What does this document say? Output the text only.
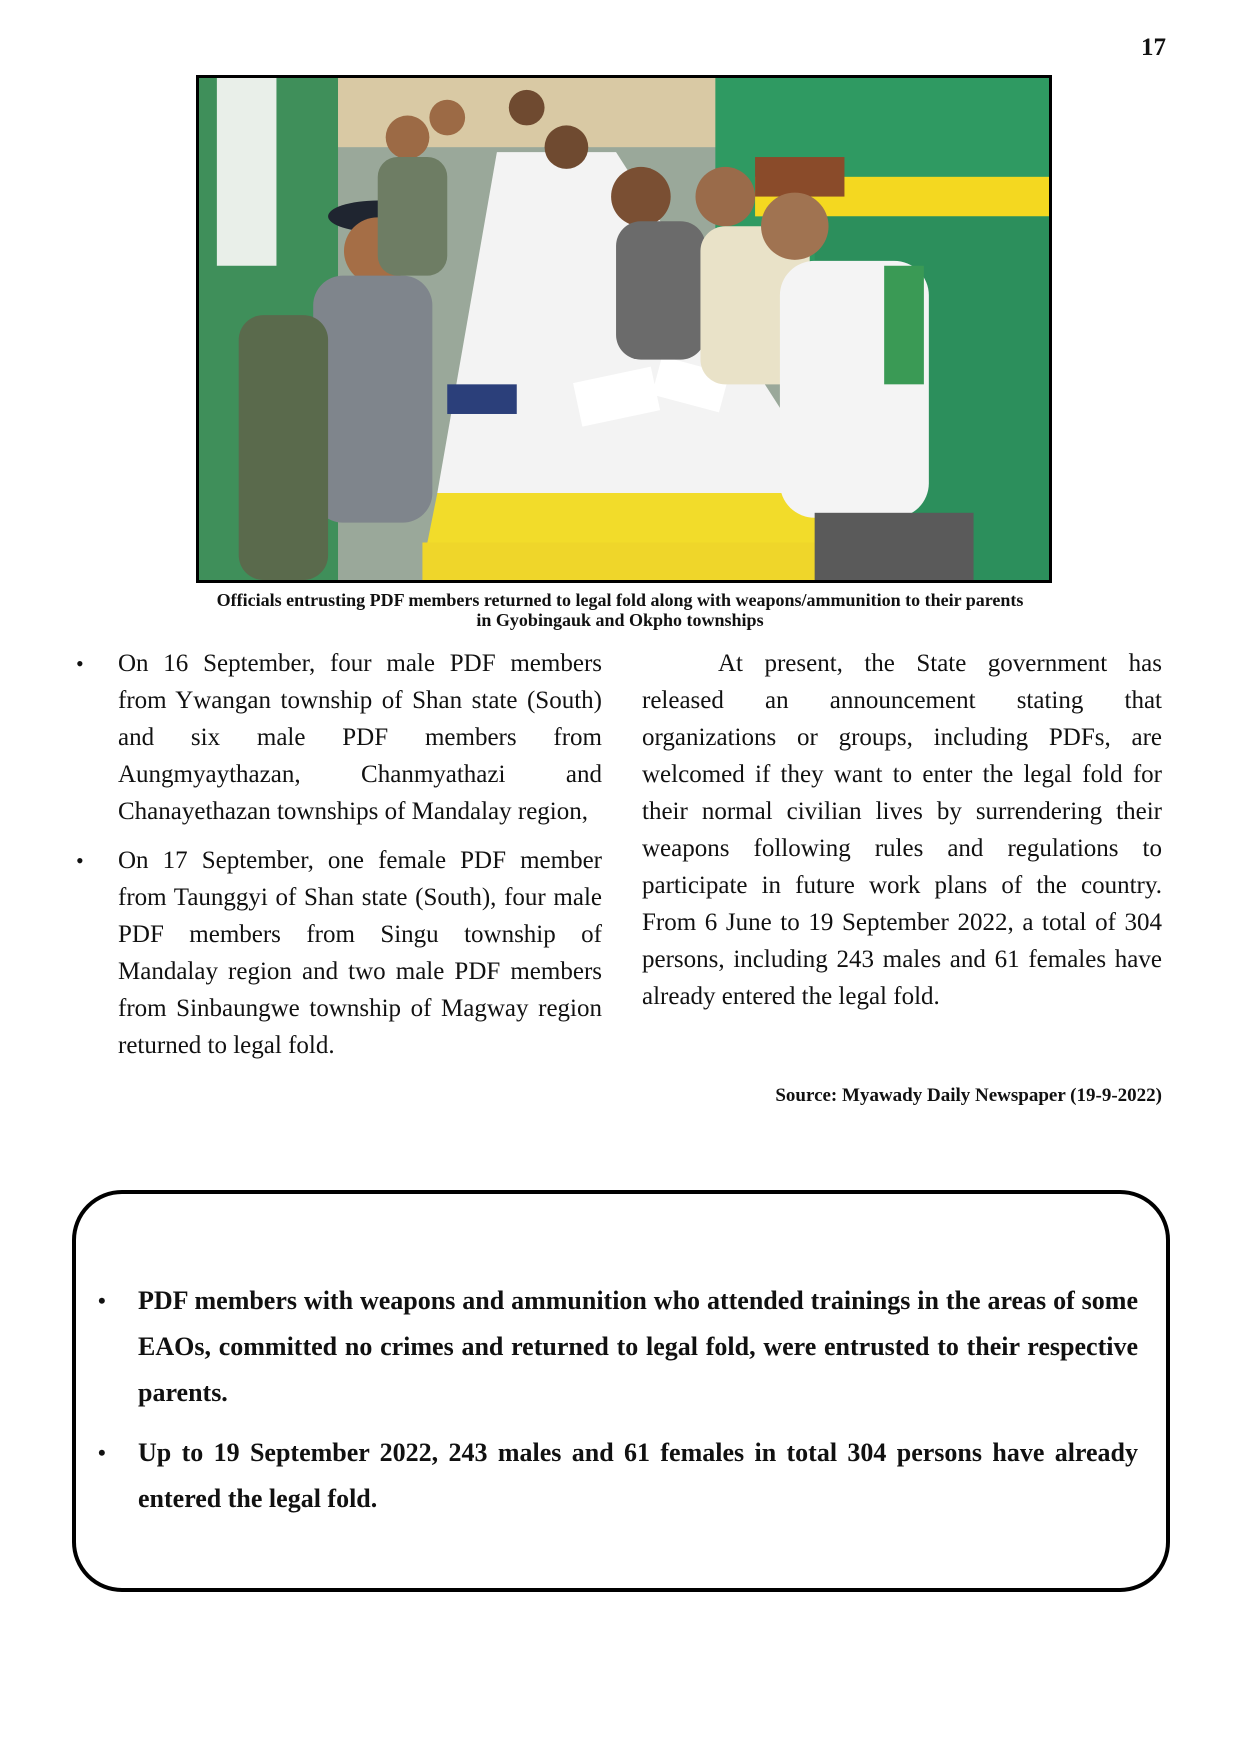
17
Officials entrusting PDF members returned to legal fold along with weapons/ammunition to their parents
in Gyobingauk and Okpho townships
• On 16 September, four male PDF members from Ywangan township of Shan state (South) and six male PDF members from Aungmyaythazan, Chanmyathazi and Chanayethazan townships of Mandalay region,
• On 17 September, one female PDF member from Taunggyi of Shan state (South), four male PDF members from Singu township of Mandalay region and two male PDF members from Sinbaungwe township of Magway region returned to legal fold.

At present, the State government has released an announcement stating that organizations or groups, including PDFs, are welcomed if they want to enter the legal fold for their normal civilian lives by surrendering their weapons following rules and regulations to participate in future work plans of the country. From 6 June to 19 September 2022, a total of 304 persons, including 243 males and 61 females have already entered the legal fold.

Source: Myawady Daily Newspaper (19-9-2022)
• PDF members with weapons and ammunition who attended trainings in the areas of some EAOs, committed no crimes and returned to legal fold, were entrusted to their respective parents.
• Up to 19 September 2022, 243 males and 61 females in total 304 persons have already entered the legal fold.
